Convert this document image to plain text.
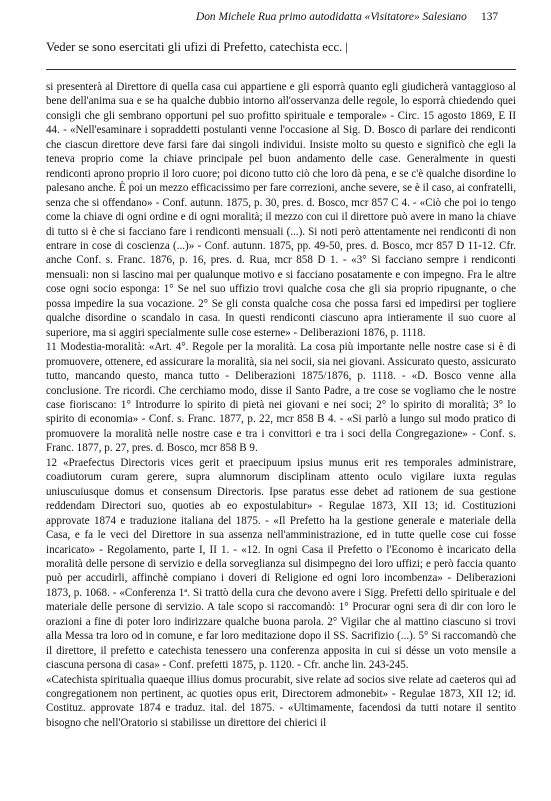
Don Michele Rua primo autodidatta «Visitatore» Salesiano 137
Veder se sono esercitati gli ufizi di Prefetto, catechista ecc. |

si presenterà al Direttore di quella casa cui appartiene e gli esporrà quanto egli giudicherà vantaggioso al bene dell'anima sua e se ha qualche dubbio intorno all'osservanza delle regole, lo esporrà chiedendo quei consigli che gli sembrano opportuni pel suo profitto spirituale e temporale» - Circ. 15 agosto 1869, E II 44. - «Nell'esaminare i sopraddetti postulanti venne l'occasione al Sig. D. Bosco di parlare dei rendiconti che ciascun direttore deve farsi fare dai singoli individui. Insiste molto su questo e significò che egli la teneva proprio come la chiave principale pel buon andamento delle case. Generalmente in questi rendiconti aprono proprio il loro cuore; poi dicono tutto ciò che loro dà pena, e se c'è qualche disordine lo palesano anche. È poi un mezzo efficacissimo per fare correzioni, anche severe, se è il caso, ai confratelli, senza che si offendano» - Conf. autunn. 1875, p. 30, pres. d. Bosco, mcr 857 C 4. - «Ciò che poi io tengo come la chiave di ogni ordine e di ogni moralità; il mezzo con cui il direttore può avere in mano la chiave di tutto si è che si facciano fare i rendiconti mensuali (...). Si noti però attentamente nei rendiconti di non entrare in cose di coscienza (...)» - Conf. autunn. 1875, pp. 49-50, pres. d. Bosco, mcr 857 D 11-12. Cfr. anche Conf. s. Franc. 1876, p. 16, pres. d. Rua, mcr 858 D 1. - «3° Si facciano sempre i rendiconti mensuali: non si lascino mai per qualunque motivo e si facciano posatamente e con impegno. Fra le altre cose ogni socio esponga: 1° Se nel suo uffizio trovi qualche cosa che gli sia proprio ripugnante, o che possa impedire la sua vocazione. 2° Se gli consta qualche cosa che possa farsi ed impedirsi per togliere qualche disordine o scandalo in casa. In questi rendiconti ciascuno apra intieramente il suo cuore al superiore, ma si aggiri specialmente sulle cose esterne» - Deliberazioni 1876, p. 1118.

11 Modestia-moralità: «Art. 4°. Regole per la moralità. La cosa più importante nelle nostre case si è di promuovere, ottenere, ed assicurare la moralità, sia nei socii, sia nei giovani. Assicurato questo, assicurato tutto, mancando questo, manca tutto - Deliberazioni 1875/1876, p. 1118. - «D. Bosco venne alla conclusione. Tre ricordi. Che cerchiamo modo, disse il Santo Padre, a tre cose se vogliamo che le nostre case fioriscano: 1° Introdurre lo spirito di pietà nei giovani e nei soci; 2° lo spirito di moralità; 3° lo spirito di economia» - Conf. s. Franc. 1877, p. 22, mcr 858 B 4. - «Si parlò a lungo sul modo pratico di promuovere la moralità nelle nostre case e tra i convittori e tra i soci della Congregazione» - Conf. s. Franc. 1877, p. 27, pres. d. Bosco, mcr 858 B 9.

12 «Praefectus Directoris vices gerit et praecipuum ipsius munus erit res temporales administrare, coadiutorum curam gerere, supra alumnorum disciplinam attento oculo vigilare iuxta regulas uniuscuiusque domus et consensum Directoris. Ipse paratus esse debet ad rationem de sua gestione reddendam Directori suo, quoties ab eo expostulabitur» - Regulae 1873, XII 13; id. Costituzioni approvate 1874 e traduzione italiana del 1875. - «Il Prefetto ha la gestione generale e materiale della Casa, e fa le veci del Direttore in sua assenza nell'amministrazione, ed in tutte quelle cose cui fosse incaricato» - Regolamento, parte I, II 1. - «12. In ogni Casa il Prefetto o l'Economo è incaricato della moralità delle persone di servizio e della sorveglianza sul disimpegno dei loro uffizi; e però faccia quanto può per accudirli, affinchè compiano i doveri di Religione ed ogni loro incombenza» - Deliberazioni 1873, p. 1068. - «Conferenza 1ª. Si trattò della cura che devono avere i Sigg. Prefetti dello spirituale e del materiale delle persone di servizio. A tale scopo si raccomandò: 1° Procurar ogni sera di dir con loro le orazioni a fine di poter loro indirizzare qualche buona parola. 2° Vigilar che al mattino ciascuno si trovi alla Messa tra loro od in comune, e far loro meditazione dopo il SS. Sacrifizio (...). 5° Si raccomandò che il direttore, il prefetto e catechista tenessero una conferenza apposita in cui si désse un voto mensile a ciascuna persona di casa» - Conf. prefetti 1875, p. 1120. - Cfr. anche lin. 243-245.

«Catechista spiritualia quaeque illius domus procurabit, sive relate ad socios sive relate ad caeteros qui ad congregationem non pertinent, ac quoties opus erit, Directorem admonebit» - Regulae 1873, XII 12; id. Costituz. approvate 1874 e traduz. ital. del 1875. - «Ultimamente, facendosi da tutti notare il sentito bisogno che nell'Oratorio si stabilisse un direttore dei chierici il
